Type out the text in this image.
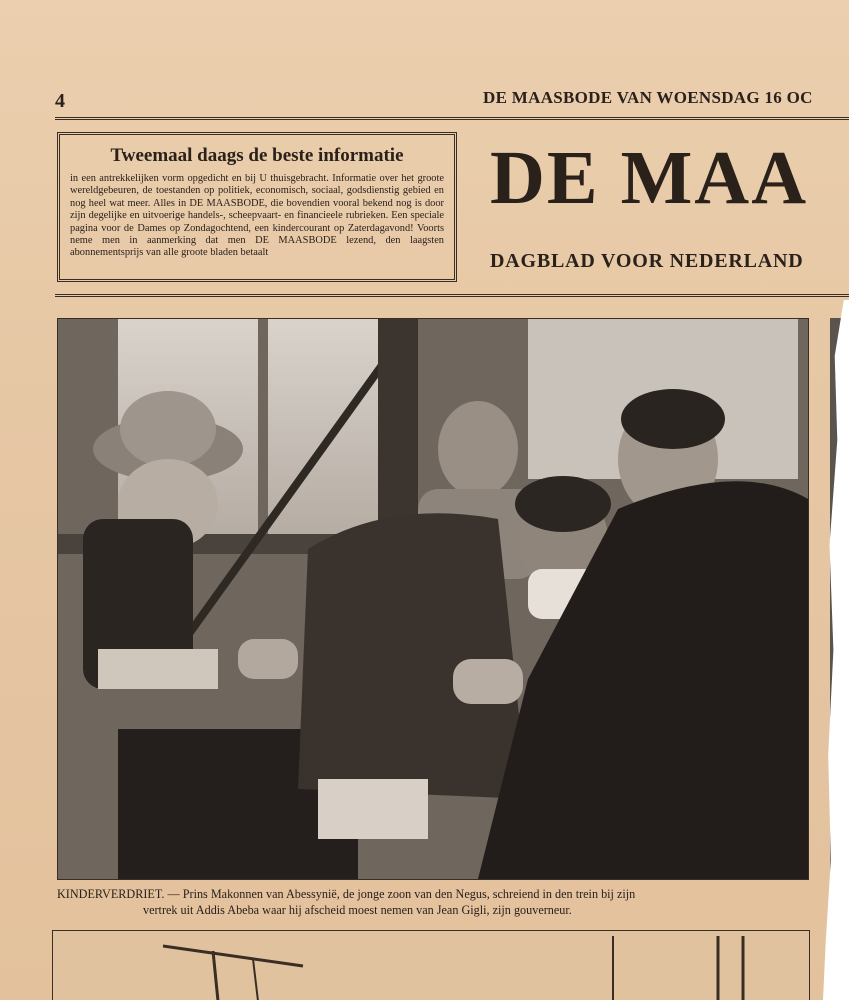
4	DE MAASBODE VAN WOENSDAG 16 OC
Tweemaal daags de beste informatie
in een antrekkelijken vorm opgedicht en bij U thuisgebracht. Informatie over het groote wereldgebeuren, de toestanden op politiek, economisch, sociaal, godsdienstig gebied en nog heel wat meer. Alles in DE MAASBODE, die bovendien vooral bekend nog is door zijn degelijke en uitvoerige handels-, scheepvaart- en financieele rubrieken. Een speciale pagina voor de Dames op Zondagochtend, een kindercourant op Zaterdagavond! Voorts neme men in aanmerking dat men DE MAASBODE lezend, den laagsten abonnementsprijs van alle groote bladen betaalt
DE MAA
DAGBLAD VOOR NEDERLAND
KINDERVERDRIET. — Prins Makonnen van Abessynië, de jonge zoon van den Negus, schreiend in den trein bij zijn
vertrek uit Addis Abeba waar hij afscheid moest nemen van Jean Gigli, zijn gouverneur.
